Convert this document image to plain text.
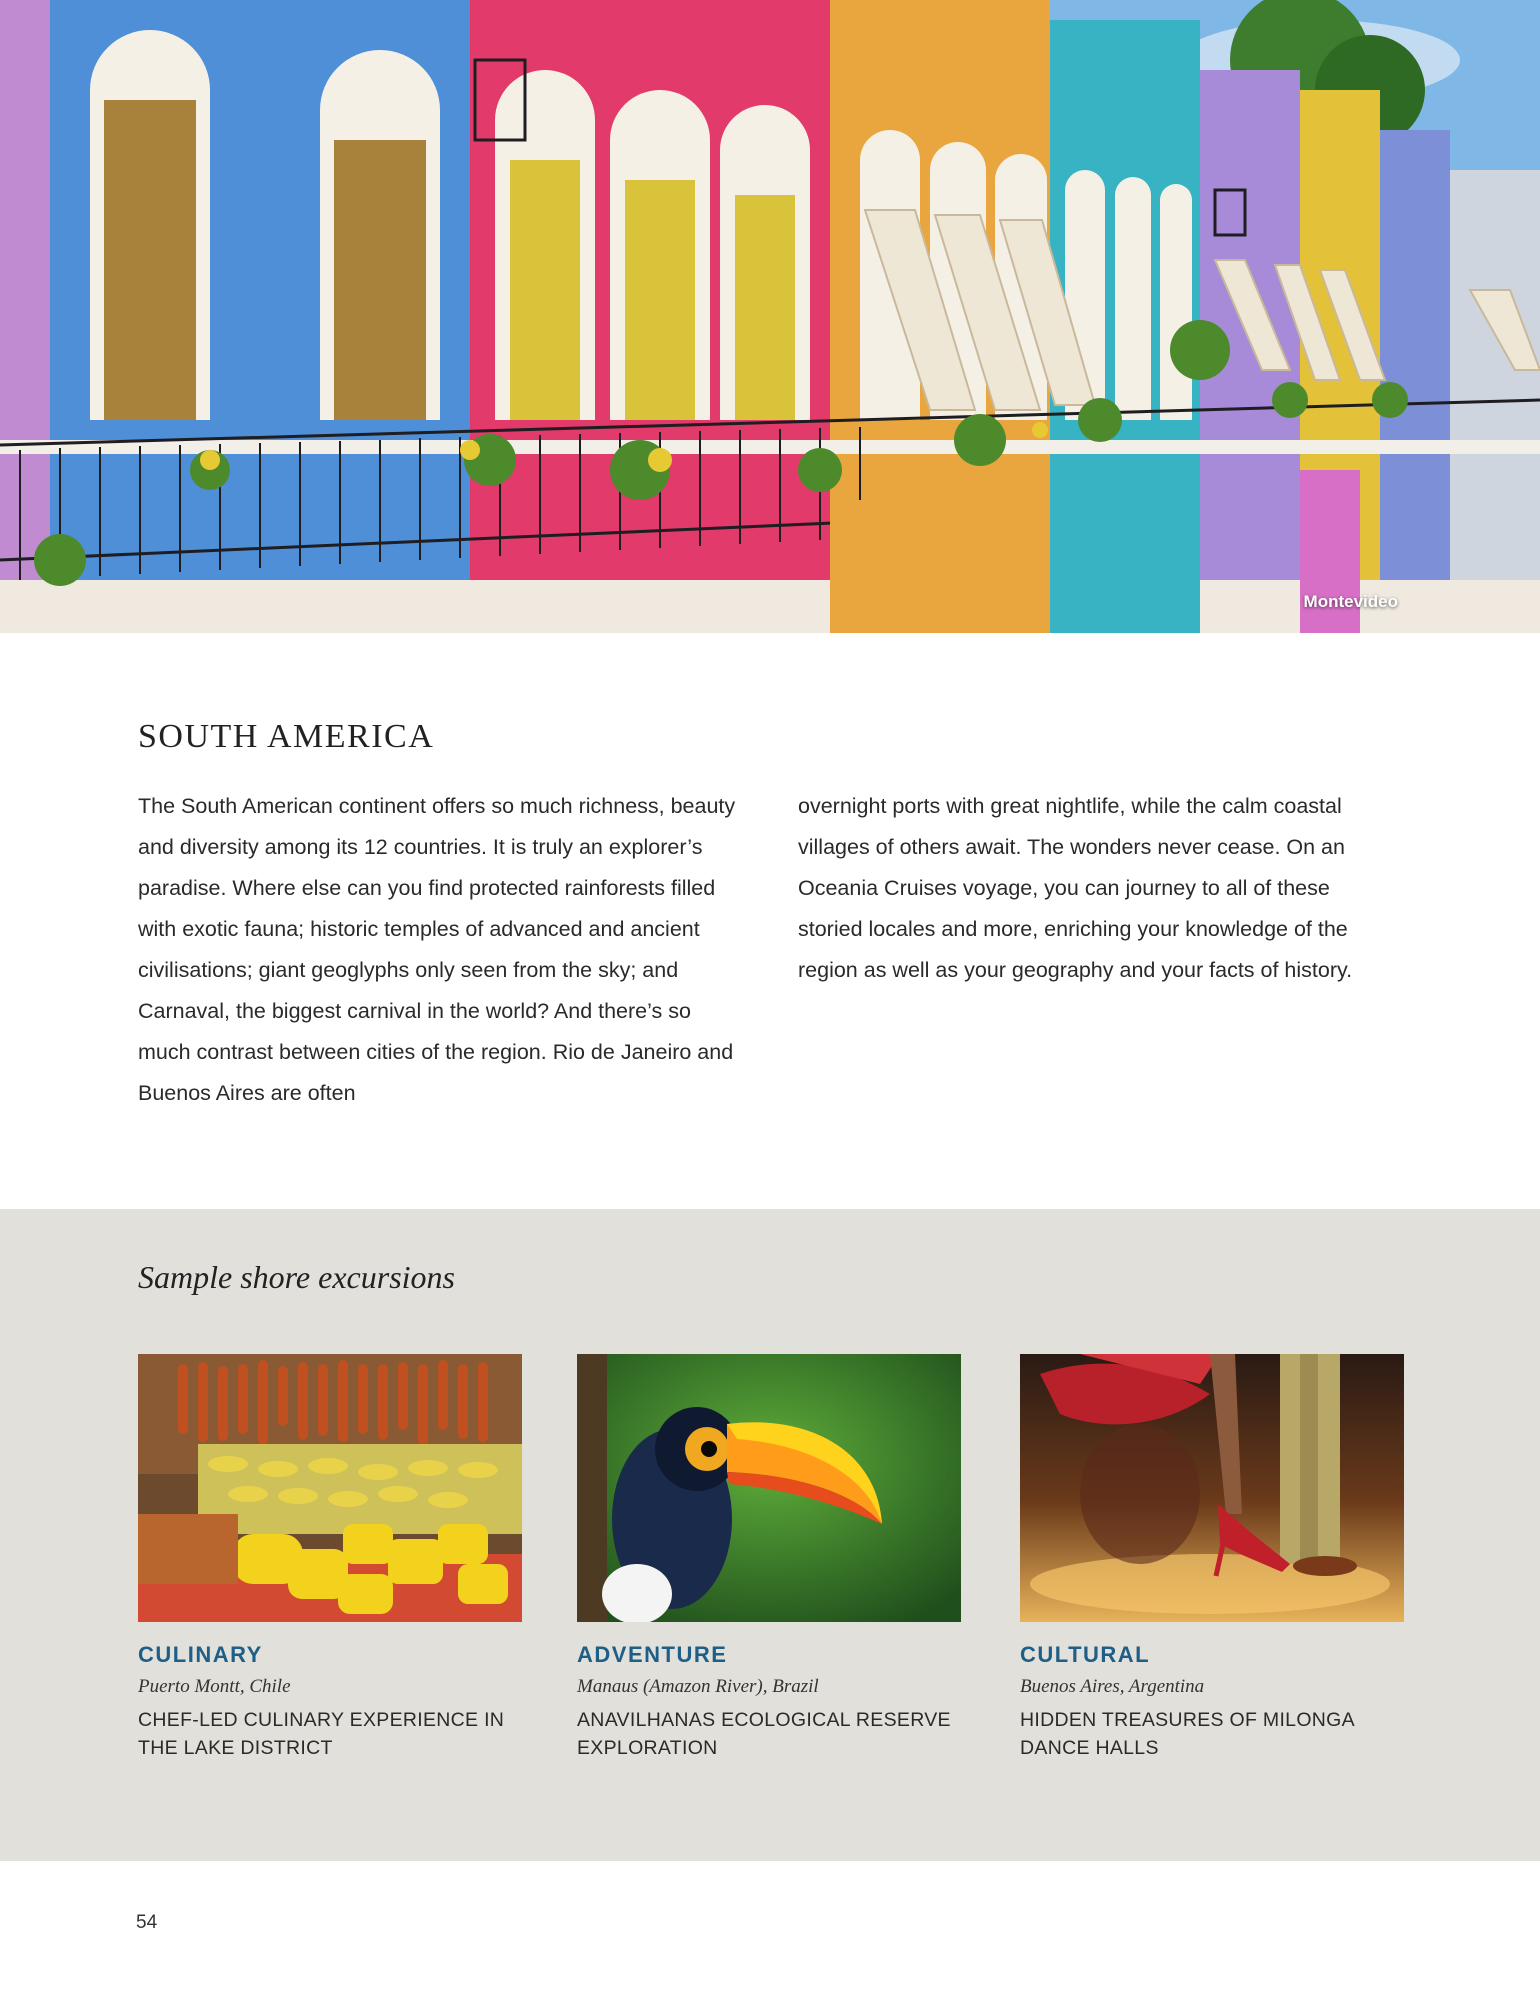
Montevideo
SOUTH AMERICA

The South American continent offers so much richness, beauty and diversity among its 12 countries. It is truly an explorer’s paradise. Where else can you find protected rainforests filled with exotic fauna; historic temples of advanced and ancient civilisations; giant geoglyphs only seen from the sky; and Carnaval, the biggest carnival in the world? And there’s so much contrast between cities of the region. Rio de Janeiro and Buenos Aires are often

overnight ports with great nightlife, while the calm coastal villages of others await. The wonders never cease. On an Oceania Cruises voyage, you can journey to all of these storied locales and more, enriching your knowledge of the region as well as your geography and your facts of history.

Sample shore excursions
CULINARY
Puerto Montt, Chile
CHEF-LED CULINARY EXPERIENCE IN THE LAKE DISTRICT
ADVENTURE
Manaus (Amazon River), Brazil
ANAVILHANAS ECOLOGICAL RESERVE EXPLORATION
CULTURAL
Buenos Aires, Argentina
HIDDEN TREASURES OF MILONGA DANCE HALLS
54
